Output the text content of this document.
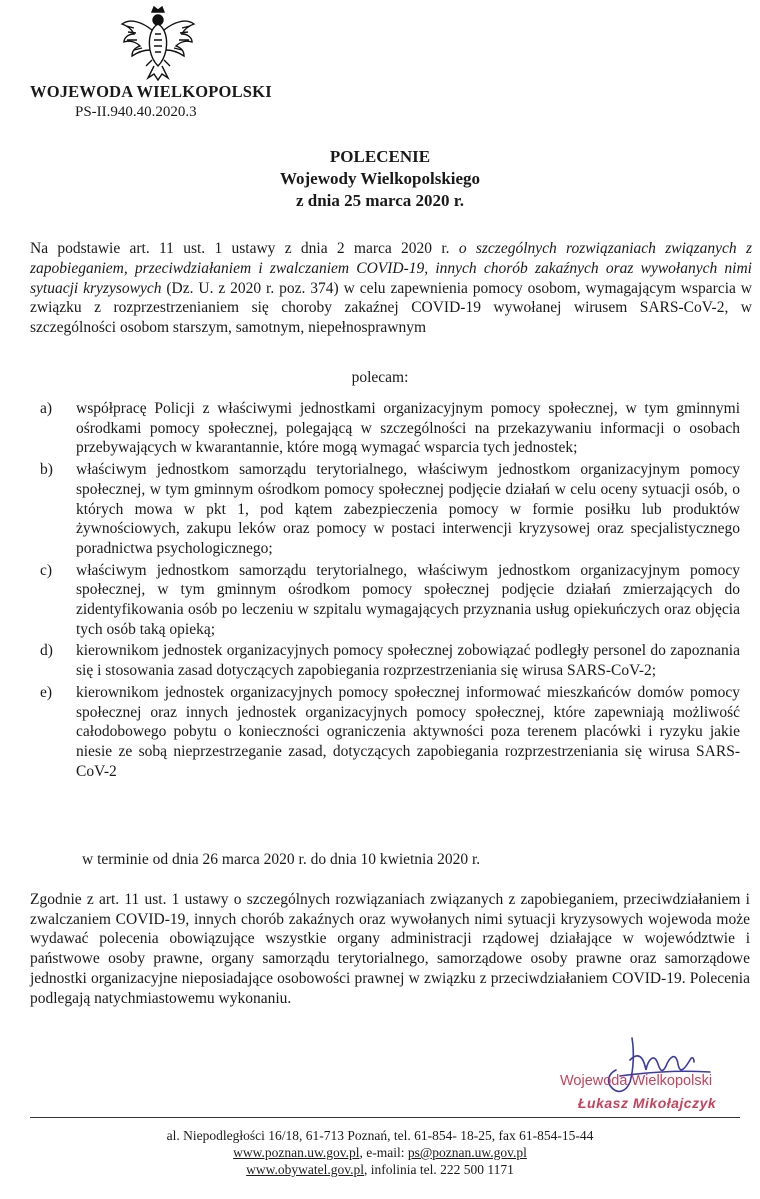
WOJEWODA WIELKOPOLSKI
PS-II.940.40.2020.3
POLECENIE
Wojewody Wielkopolskiego
z dnia 25 marca 2020 r.
Na podstawie art. 11 ust. 1 ustawy z dnia 2 marca 2020 r. o szczególnych rozwiązaniach związanych z zapobieganiem, przeciwdziałaniem i zwalczaniem COVID-19, innych chorób zakaźnych oraz wywołanych nimi sytuacji kryzysowych (Dz. U. z 2020 r. poz. 374) w celu zapewnienia pomocy osobom, wymagającym wsparcia w związku z rozprzestrzenianiem się choroby zakaźnej COVID-19 wywołanej wirusem SARS-CoV-2, w szczególności osobom starszym, samotnym, niepełnosprawnym
polecam:
a)	współpracę Policji z właściwymi jednostkami organizacyjnym pomocy społecznej, w tym gminnymi ośrodkami pomocy społecznej, polegającą w szczególności na przekazywaniu informacji o osobach przebywających w kwarantannie, które mogą wymagać wsparcia tych jednostek;
b)	właściwym jednostkom samorządu terytorialnego, właściwym jednostkom organizacyjnym pomocy społecznej, w tym gminnym ośrodkom pomocy społecznej podjęcie działań w celu oceny sytuacji osób, o których mowa w pkt 1, pod kątem zabezpieczenia pomocy w formie posiłku lub produktów żywnościowych, zakupu leków oraz pomocy w postaci interwencji kryzysowej oraz specjalistycznego poradnictwa psychologicznego;
c)	właściwym jednostkom samorządu terytorialnego, właściwym jednostkom organizacyjnym pomocy społecznej, w tym gminnym ośrodkom pomocy społecznej podjęcie działań zmierzających do zidentyfikowania osób po leczeniu w szpitalu wymagających przyznania usług opiekuńczych oraz objęcia tych osób taką opieką;
d)	kierownikom jednostek organizacyjnych pomocy społecznej zobowiązać podległy personel do zapoznania się i stosowania zasad dotyczących zapobiegania rozprzestrzeniania się wirusa SARS-CoV-2;
e)	kierownikom jednostek organizacyjnych pomocy społecznej informować mieszkańców domów pomocy społecznej oraz innych jednostek organizacyjnych pomocy społecznej, które zapewniają możliwość całodobowego pobytu o konieczności ograniczenia aktywności poza terenem placówki i ryzyku jakie niesie ze sobą nieprzestrzeganie zasad, dotyczących zapobiegania rozprzestrzeniania się wirusa SARS-CoV-2
w terminie od dnia 26 marca 2020 r. do dnia 10 kwietnia 2020 r.
Zgodnie z art. 11 ust. 1 ustawy o szczególnych rozwiązaniach związanych z zapobieganiem, przeciwdziałaniem i zwalczaniem COVID-19, innych chorób zakaźnych oraz wywołanych nimi sytuacji kryzysowych wojewoda może wydawać polecenia obowiązujące wszystkie organy administracji rządowej działające w województwie i państwowe osoby prawne, organy samorządu terytorialnego, samorządowe osoby prawne oraz samorządowe jednostki organizacyjne nieposiadające osobowości prawnej w związku z przeciwdziałaniem COVID-19. Polecenia podlegają natychmiastowemu wykonaniu.
Wojewoda Wielkopolski
Łukasz Mikołajczyk
al. Niepodległości 16/18, 61-713 Poznań, tel. 61-854- 18-25, fax 61-854-15-44
www.poznan.uw.gov.pl, e-mail: ps@poznan.uw.gov.pl
www.obywatel.gov.pl, infolinia tel. 222 500 1171
